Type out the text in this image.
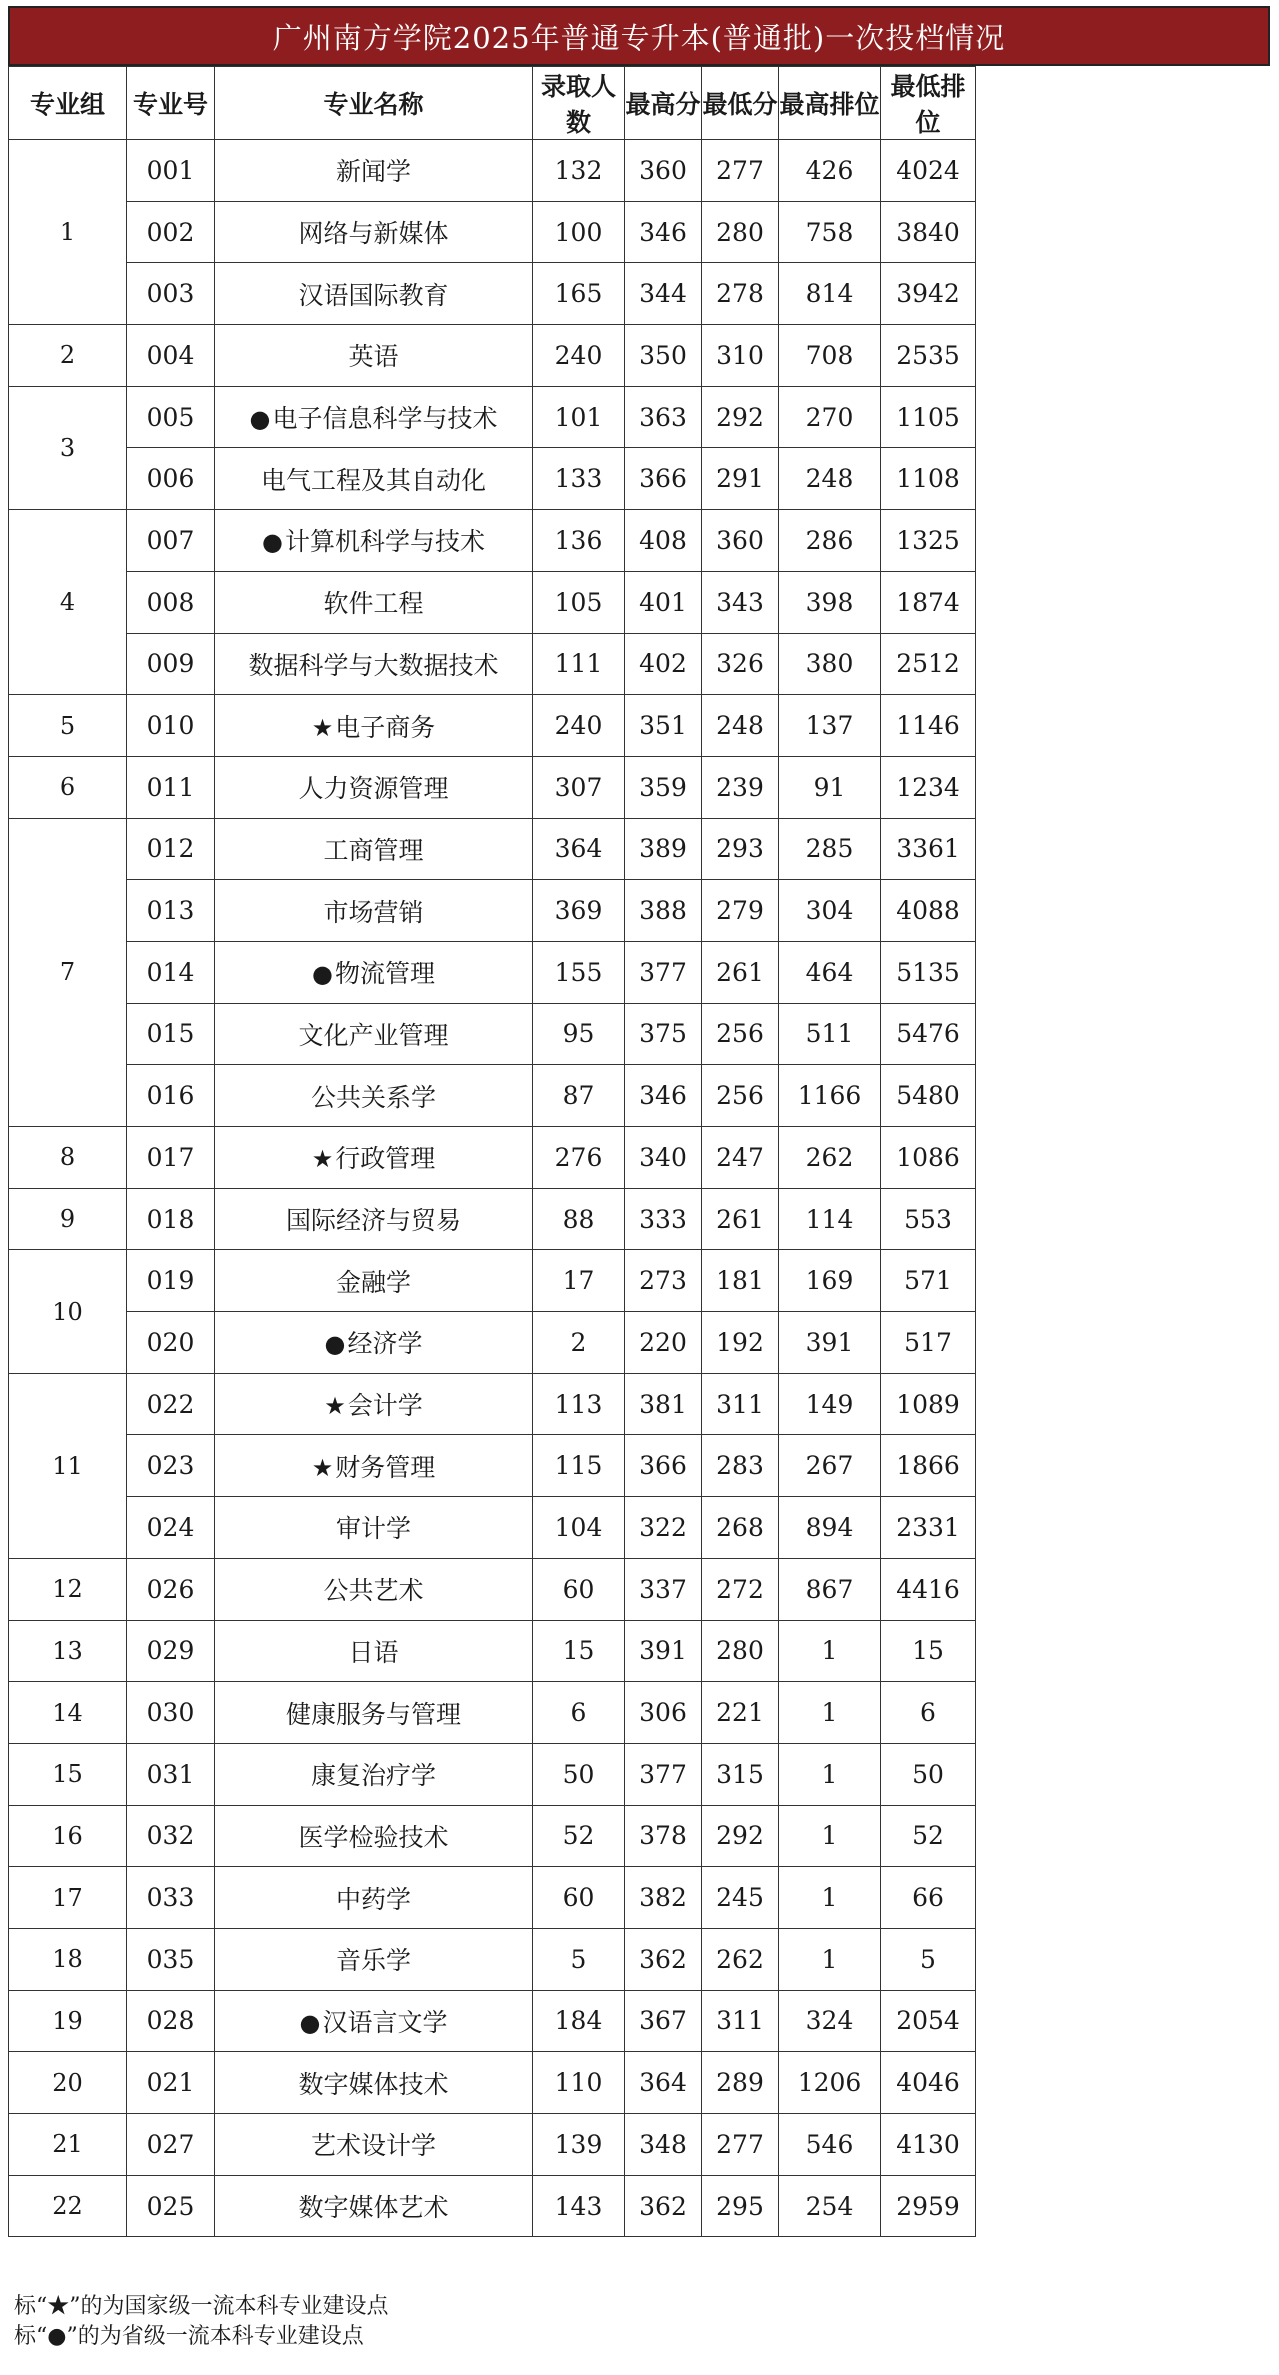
广州南方学院2025年普通专升本(普通批)一次投档情况
专业组	专业号	专业名称	录取人数	最高分	最低分	最高排位	最低排位
1	001	新闻学	132	360	277	426	4024
	002	网络与新媒体	100	346	280	758	3840
	003	汉语国际教育	165	344	278	814	3942
2	004	英语	240	350	310	708	2535
3	005	●电子信息科学与技术	101	363	292	270	1105
	006	电气工程及其自动化	133	366	291	248	1108
4	007	●计算机科学与技术	136	408	360	286	1325
	008	软件工程	105	401	343	398	1874
	009	数据科学与大数据技术	111	402	326	380	2512
5	010	★电子商务	240	351	248	137	1146
6	011	人力资源管理	307	359	239	91	1234
7	012	工商管理	364	389	293	285	3361
	013	市场营销	369	388	279	304	4088
	014	●物流管理	155	377	261	464	5135
	015	文化产业管理	95	375	256	511	5476
	016	公共关系学	87	346	256	1166	5480
8	017	★行政管理	276	340	247	262	1086
9	018	国际经济与贸易	88	333	261	114	553
10	019	金融学	17	273	181	169	571
	020	●经济学	2	220	192	391	517
11	022	★会计学	113	381	311	149	1089
	023	★财务管理	115	366	283	267	1866
	024	审计学	104	322	268	894	2331
12	026	公共艺术	60	337	272	867	4416
13	029	日语	15	391	280	1	15
14	030	健康服务与管理	6	306	221	1	6
15	031	康复治疗学	50	377	315	1	50
16	032	医学检验技术	52	378	292	1	52
17	033	中药学	60	382	245	1	66
18	035	音乐学	5	362	262	1	5
19	028	●汉语言文学	184	367	311	324	2054
20	021	数字媒体技术	110	364	289	1206	4046
21	027	艺术设计学	139	348	277	546	4130
22	025	数字媒体艺术	143	362	295	254	2959
标“★”的为国家级一流本科专业建设点
标“●”的为省级一流本科专业建设点
